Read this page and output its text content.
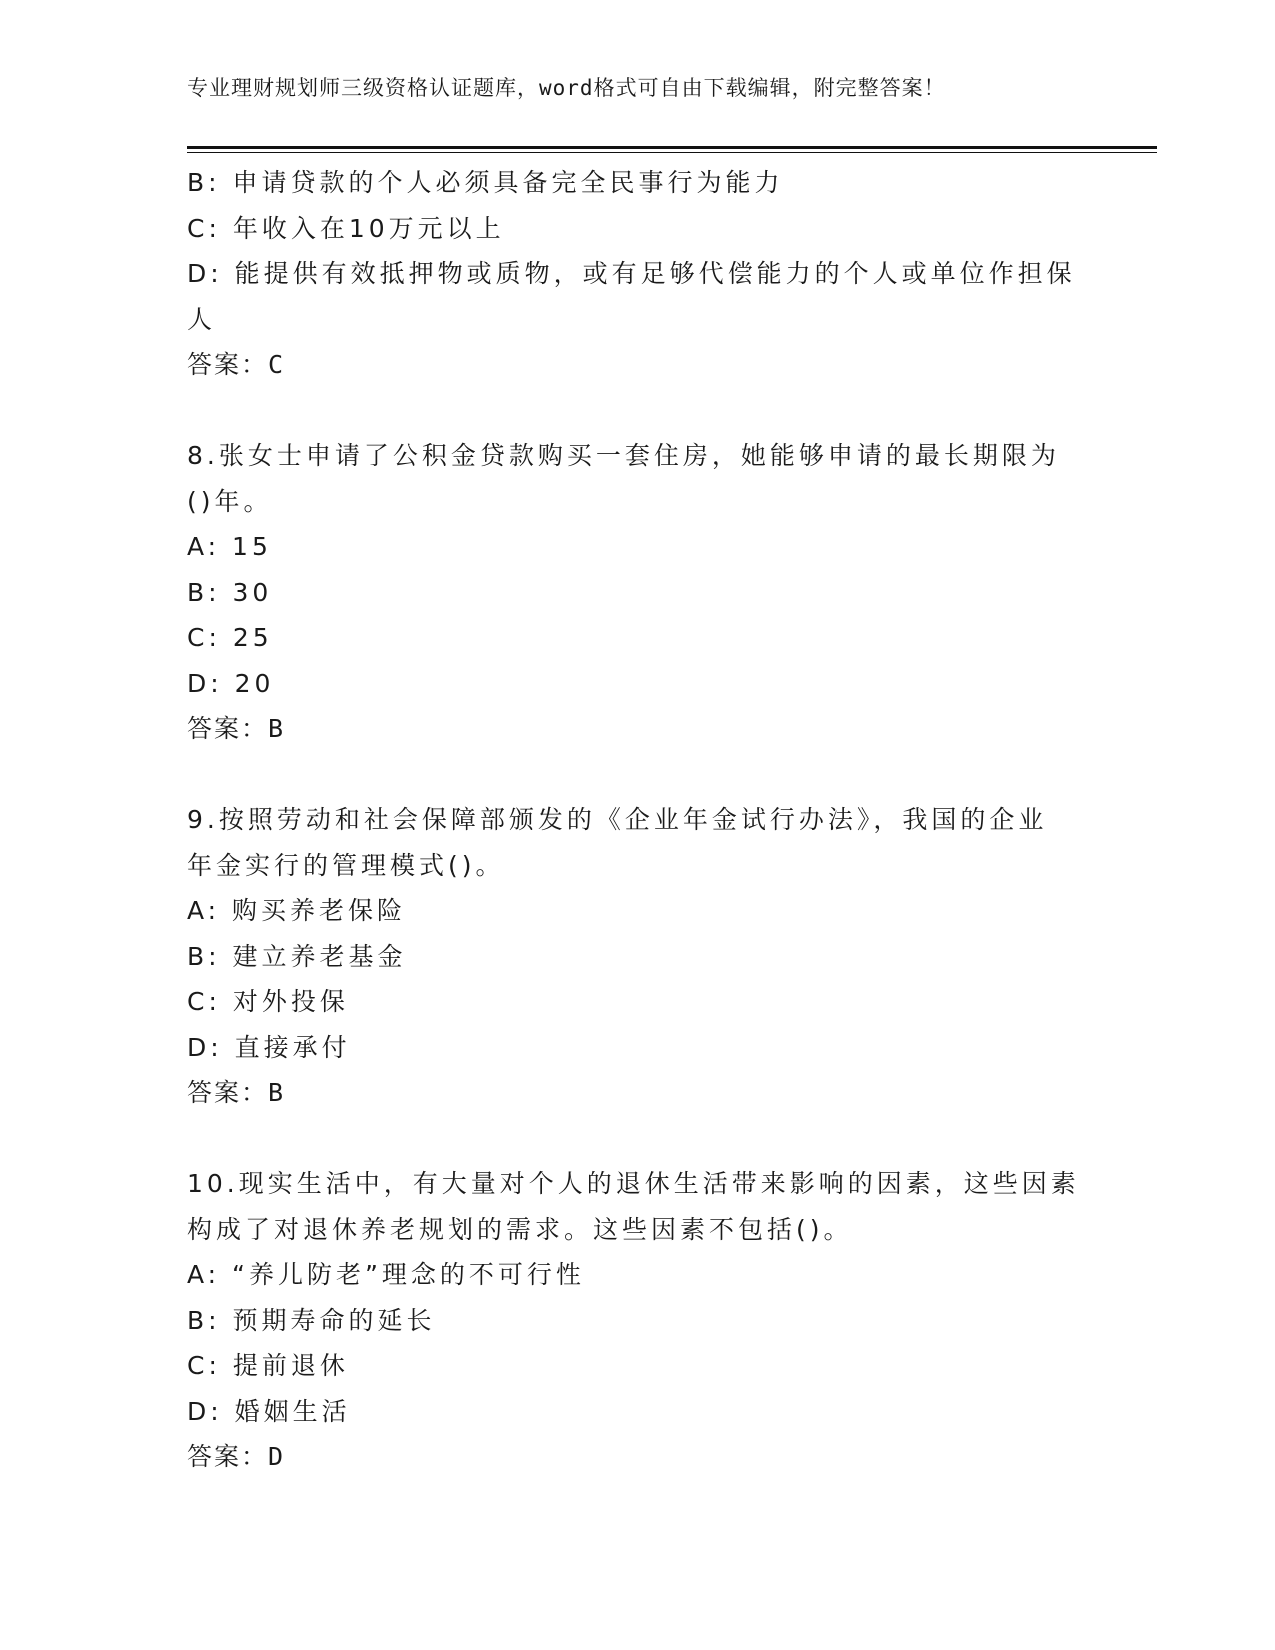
专业理财规划师三级资格认证题库，word格式可自由下载编辑，附完整答案！
B: 申请贷款的个人必须具备完全民事行为能力
C: 年收入在10万元以上
D: 能提供有效抵押物或质物，或有足够代偿能力的个人或单位作担保
人
答案：C
8.张女士申请了公积金贷款购买一套住房，她能够申请的最长期限为
()年。
A: 15
B: 30
C: 25
D: 20
答案：B
9.按照劳动和社会保障部颁发的《企业年金试行办法》，我国的企业
年金实行的管理模式()。
A: 购买养老保险
B: 建立养老基金
C: 对外投保
D: 直接承付
答案：B
10.现实生活中，有大量对个人的退休生活带来影响的因素，这些因素
构成了对退休养老规划的需求。这些因素不包括()。
A: “养儿防老”理念的不可行性
B: 预期寿命的延长
C: 提前退休
D: 婚姻生活
答案：D
